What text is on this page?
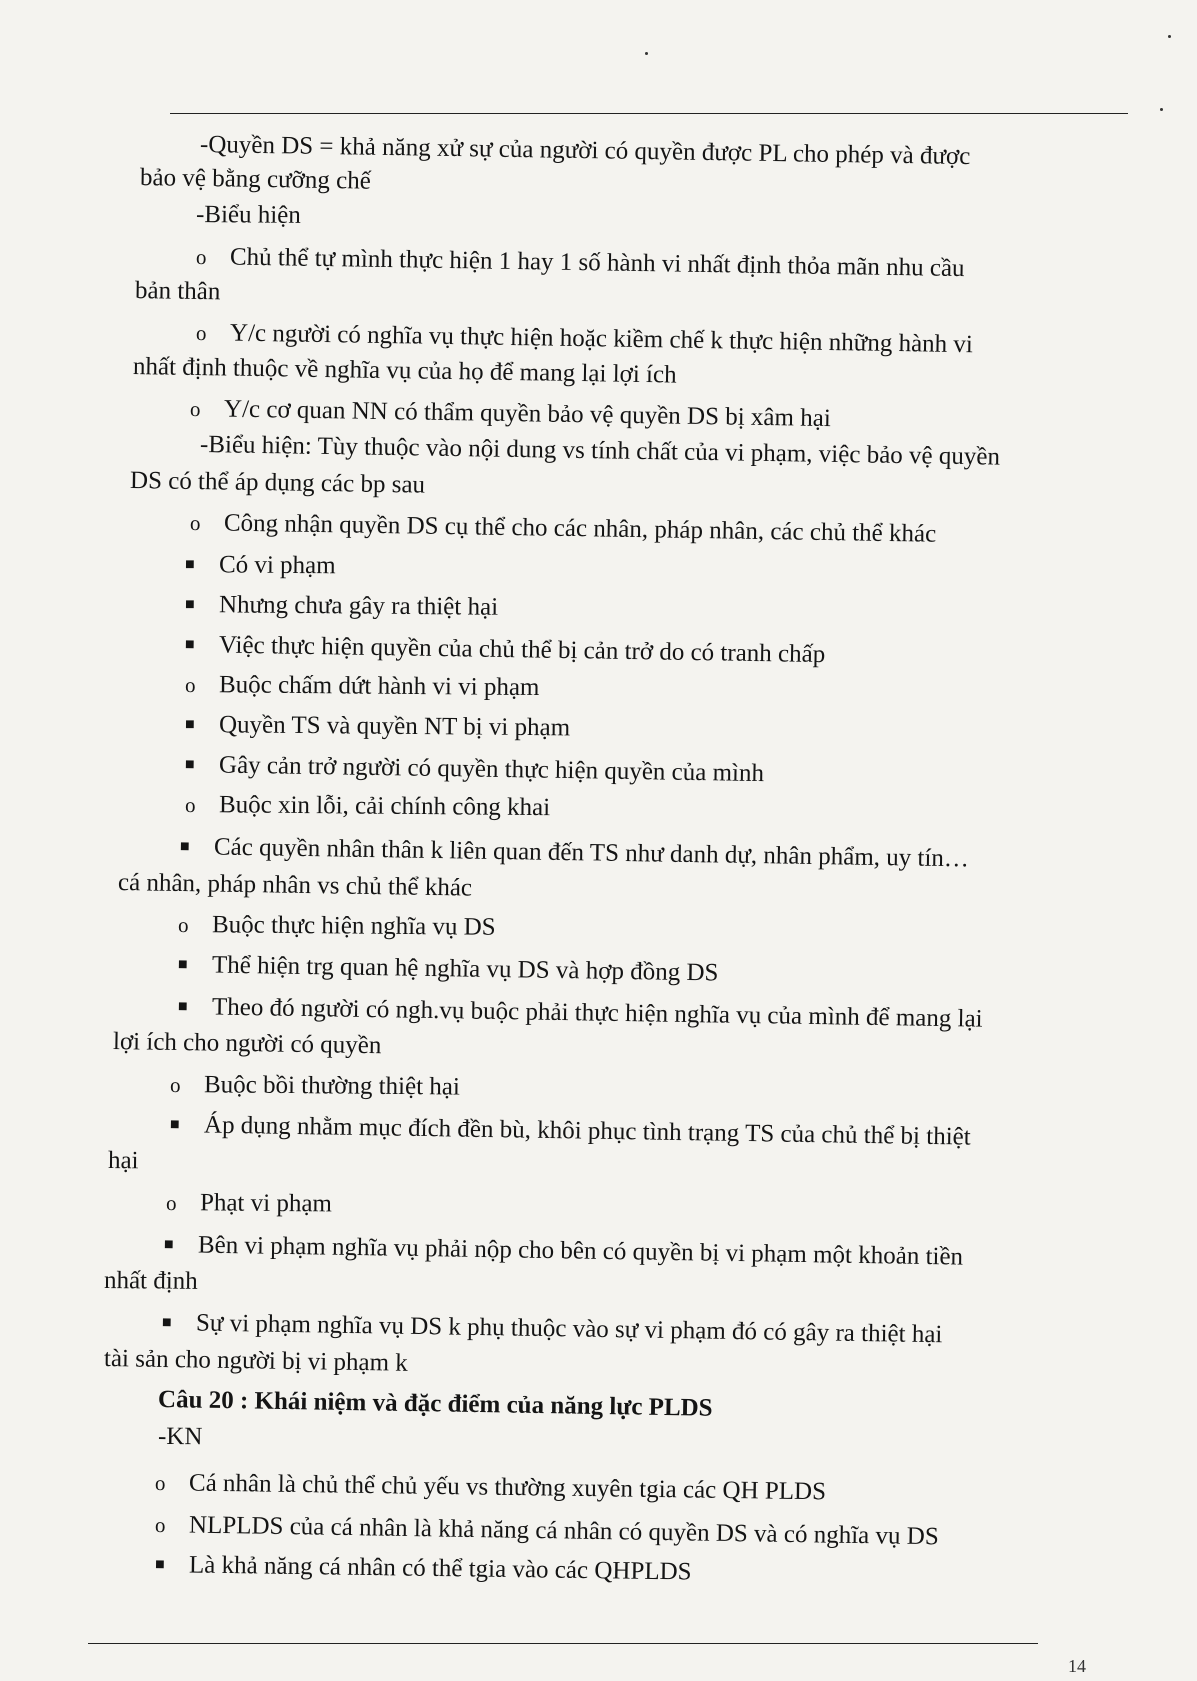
-Quyền DS = khả năng xử sự của người có quyền được PL cho phép và được
bảo vệ bằng cưỡng chế
-Biểu hiện
o Chủ thể tự mình thực hiện 1 hay 1 số hành vi nhất định thỏa mãn nhu cầu
bản thân
o Y/c người có nghĩa vụ thực hiện hoặc kiềm chế k thực hiện những hành vi
nhất định thuộc về nghĩa vụ của họ để mang lại lợi ích
o Y/c cơ quan NN có thẩm quyền bảo vệ quyền DS bị xâm hại
-Biểu hiện: Tùy thuộc vào nội dung vs tính chất của vi phạm, việc bảo vệ quyền
DS có thể áp dụng các bp sau
o Công nhận quyền DS cụ thể cho các nhân, pháp nhân, các chủ thể khác
■ Có vi phạm
■ Nhưng chưa gây ra thiệt hại
■ Việc thực hiện quyền của chủ thể bị cản trở do có tranh chấp
o Buộc chấm dứt hành vi vi phạm
■ Quyền TS và quyền NT bị vi phạm
■ Gây cản trở người có quyền thực hiện quyền của mình
o Buộc xin lỗi, cải chính công khai
■ Các quyền nhân thân k liên quan đến TS như danh dự, nhân phẩm, uy tín…
cá nhân, pháp nhân vs chủ thể khác
o Buộc thực hiện nghĩa vụ DS
■ Thể hiện trg quan hệ nghĩa vụ DS và hợp đồng DS
■ Theo đó người có ngh.vụ buộc phải thực hiện nghĩa vụ của mình để mang lại
lợi ích cho người có quyền
o Buộc bồi thường thiệt hại
■ Áp dụng nhằm mục đích đền bù, khôi phục tình trạng TS của chủ thể bị thiệt
hại
o Phạt vi phạm
■ Bên vi phạm nghĩa vụ phải nộp cho bên có quyền bị vi phạm một khoản tiền
nhất định
■ Sự vi phạm nghĩa vụ DS k phụ thuộc vào sự vi phạm đó có gây ra thiệt hại
tài sản cho người bị vi phạm k
Câu 20 : Khái niệm và đặc điểm của năng lực PLDS
-KN
o Cá nhân là chủ thể chủ yếu vs thường xuyên tgia các QH PLDS
o NLPLDS của cá nhân là khả năng cá nhân có quyền DS và có nghĩa vụ DS
■ Là khả năng cá nhân có thể tgia vào các QHPLDS
14
